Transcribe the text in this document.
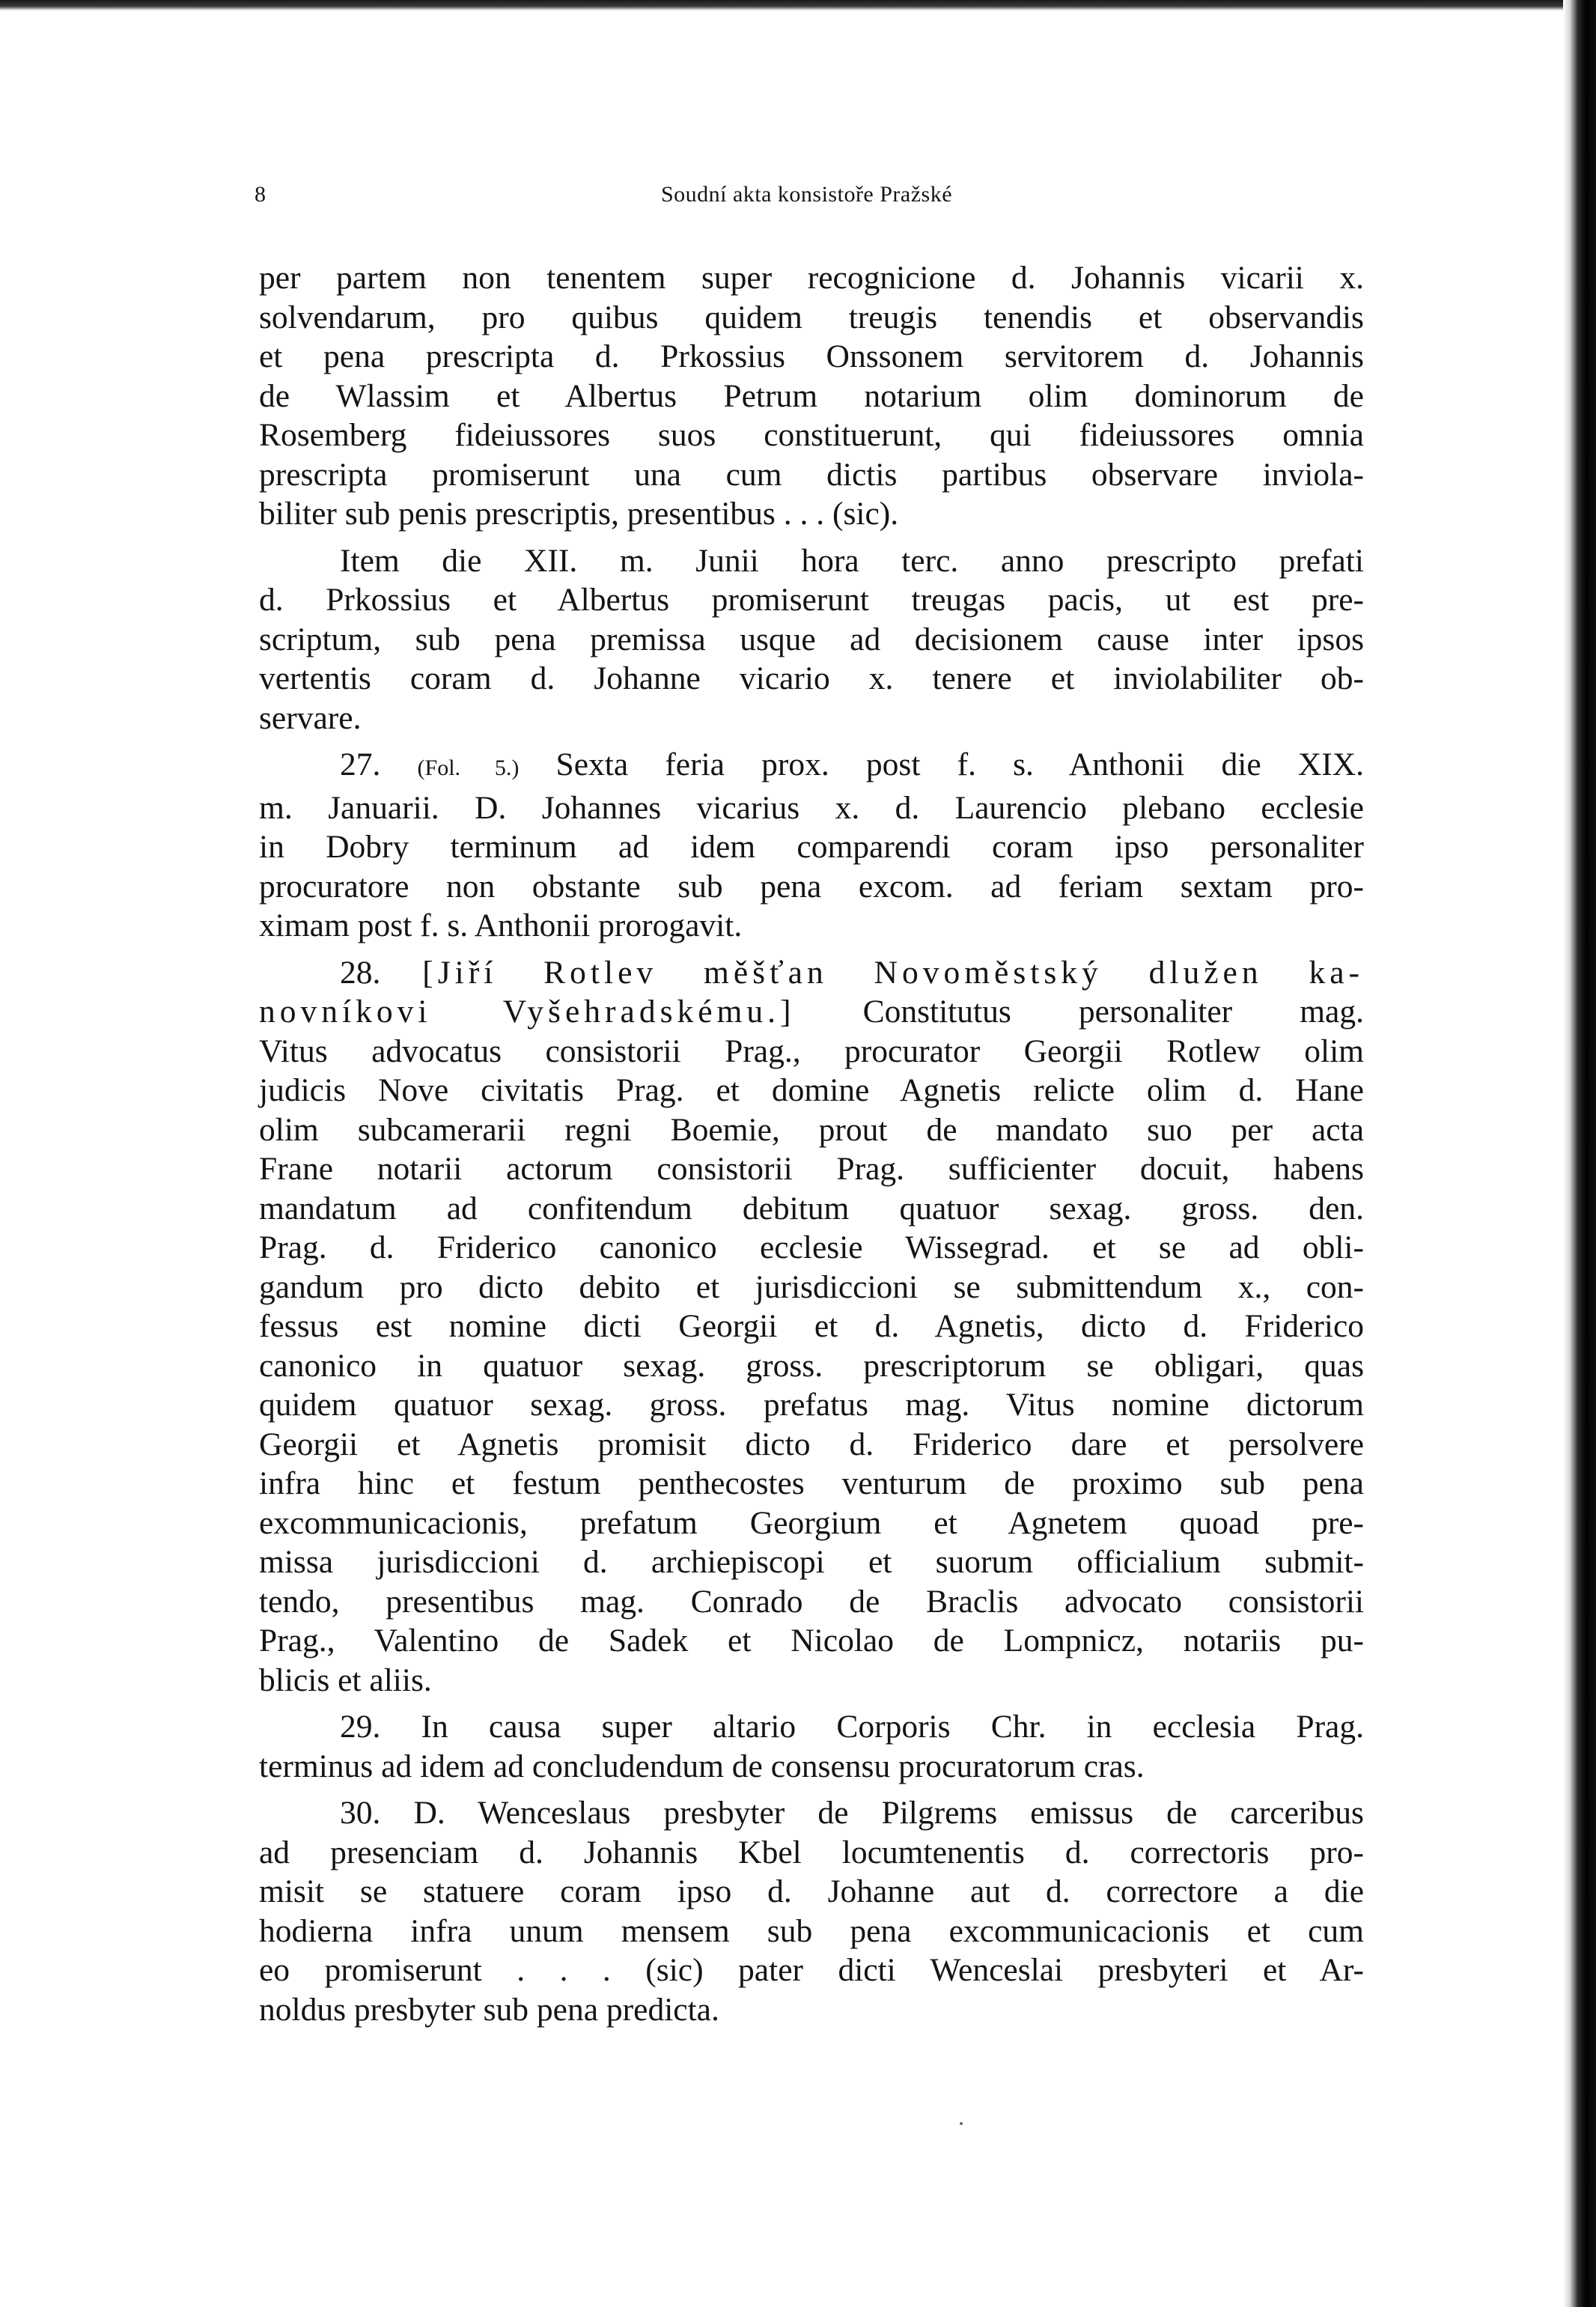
8	Soudní akta konsistoře Pražské
per partem non tenentem super recognicione d. Johannis vicarii x.
solvendarum, pro quibus quidem treugis tenendis et observandis
et pena prescripta d. Prkossius Onssonem servitorem d. Johannis
de Wlassim et Albertus Petrum notarium olim dominorum de
Rosemberg fideiussores suos constituerunt, qui fideiussores omnia
prescripta promiserunt una cum dictis partibus observare inviola-
biliter sub penis prescriptis, presentibus . . . (sic).
Item die XII. m. Junii hora terc. anno prescripto prefati
d. Prkossius et Albertus promiserunt treugas pacis, ut est pre-
scriptum, sub pena premissa usque ad decisionem cause inter ipsos
vertentis coram d. Johanne vicario x. tenere et inviolabiliter ob-
servare.
27. (Fol. 5.) Sexta feria prox. post f. s. Anthonii die XIX.
m. Januarii. D. Johannes vicarius x. d. Laurencio plebano ecclesie
in Dobry terminum ad idem comparendi coram ipso personaliter
procuratore non obstante sub pena excom. ad feriam sextam pro-
ximam post f. s. Anthonii prorogavit.
28. [Jiří Rotlev měšťan Novoměstský dlužen ka-
novníkovi Vyšehradskému.] Constitutus personaliter mag.
Vitus advocatus consistorii Prag., procurator Georgii Rotlew olim
judicis Nove civitatis Prag. et domine Agnetis relicte olim d. Hane
olim subcamerarii regni Boemie, prout de mandato suo per acta
Frane notarii actorum consistorii Prag. sufficienter docuit, habens
mandatum ad confitendum debitum quatuor sexag. gross. den.
Prag. d. Friderico canonico ecclesie Wissegrad. et se ad obli-
gandum pro dicto debito et jurisdiccioni se submittendum x., con-
fessus est nomine dicti Georgii et d. Agnetis, dicto d. Friderico
canonico in quatuor sexag. gross. prescriptorum se obligari, quas
quidem quatuor sexag. gross. prefatus mag. Vitus nomine dictorum
Georgii et Agnetis promisit dicto d. Friderico dare et persolvere
infra hinc et festum penthecostes venturum de proximo sub pena
excommunicacionis, prefatum Georgium et Agnetem quoad pre-
missa jurisdiccioni d. archiepiscopi et suorum officialium submit-
tendo, presentibus mag. Conrado de Braclis advocato consistorii
Prag., Valentino de Sadek et Nicolao de Lompnicz, notariis pu-
blicis et aliis.
29. In causa super altario Corporis Chr. in ecclesia Prag.
terminus ad idem ad concludendum de consensu procuratorum cras.
30. D. Wenceslaus presbyter de Pilgrems emissus de carceribus
ad presenciam d. Johannis Kbel locumtenentis d. correctoris pro-
misit se statuere coram ipso d. Johanne aut d. correctore a die
hodierna infra unum mensem sub pena excommunicacionis et cum
eo promiserunt . . . (sic) pater dicti Wenceslai presbyteri et Ar-
noldus presbyter sub pena predicta.
